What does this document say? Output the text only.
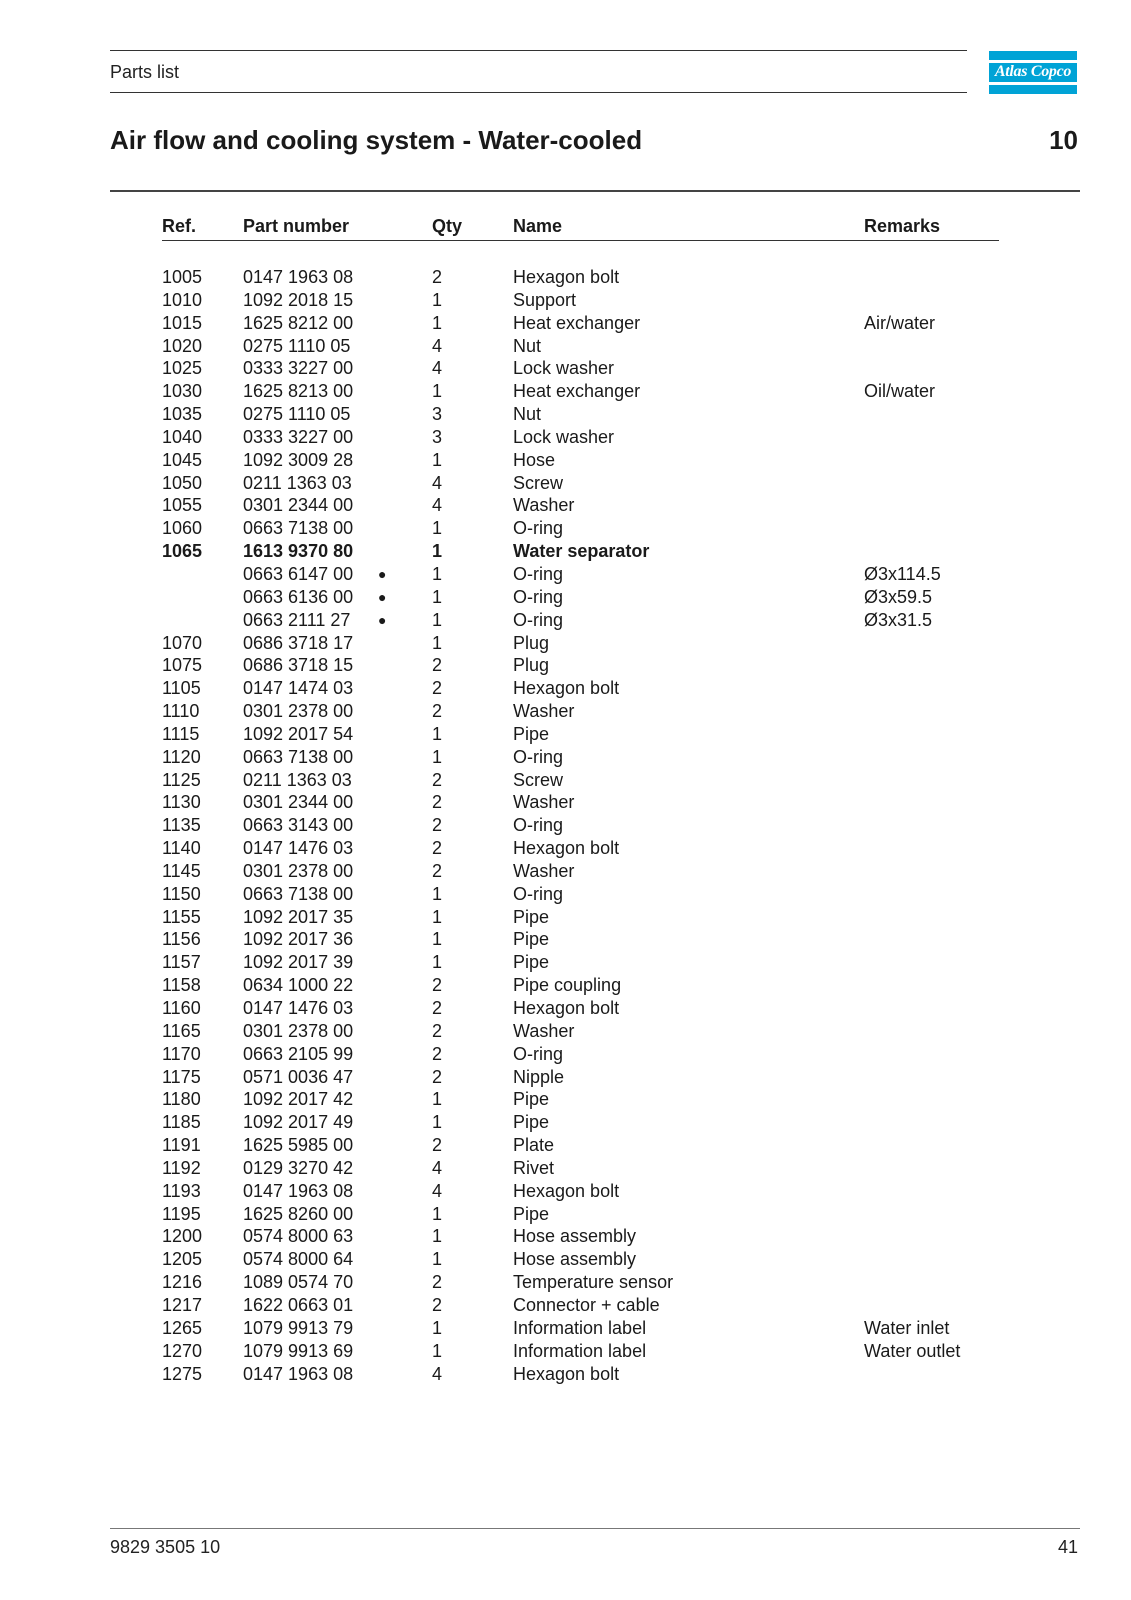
Parts list	Atlas Copco
Air flow and cooling system - Water-cooled	10
Ref.	Part number	Qty	Name	Remarks
1005 0147 1963 08	2	Hexagon bolt
1010 1092 2018 15	1	Support
1015 1625 8212 00	1	Heat exchanger	Air/water
1020 0275 1110 05	4	Nut
1025 0333 3227 00	4	Lock washer
1030 1625 8213 00	1	Heat exchanger	Oil/water
1035 0275 1110 05	3	Nut
1040 0333 3227 00	3	Lock washer
1045 1092 3009 28	1	Hose
1050 0211 1363 03	4	Screw
1055 0301 2344 00	4	Washer
1060 0663 7138 00	1	O-ring
1065 1613 9370 80	1	Water separator
0663 6147 00 ●	1	O-ring	Ø3x114.5
0663 6136 00 ●	1	O-ring	Ø3x59.5
0663 2111 27 ●	1	O-ring	Ø3x31.5
1070 0686 3718 17	1	Plug
1075 0686 3718 15	2	Plug
1105 0147 1474 03	2	Hexagon bolt
1110 0301 2378 00	2	Washer
1115 1092 2017 54	1	Pipe
1120 0663 7138 00	1	O-ring
1125 0211 1363 03	2	Screw
1130 0301 2344 00	2	Washer
1135 0663 3143 00	2	O-ring
1140 0147 1476 03	2	Hexagon bolt
1145 0301 2378 00	2	Washer
1150 0663 7138 00	1	O-ring
1155 1092 2017 35	1	Pipe
1156 1092 2017 36	1	Pipe
1157 1092 2017 39	1	Pipe
1158 0634 1000 22	2	Pipe coupling
1160 0147 1476 03	2	Hexagon bolt
1165 0301 2378 00	2	Washer
1170 0663 2105 99	2	O-ring
1175 0571 0036 47	2	Nipple
1180 1092 2017 42	1	Pipe
1185 1092 2017 49	1	Pipe
1191 1625 5985 00	2	Plate
1192 0129 3270 42	4	Rivet
1193 0147 1963 08	4	Hexagon bolt
1195 1625 8260 00	1	Pipe
1200 0574 8000 63	1	Hose assembly
1205 0574 8000 64	1	Hose assembly
1216 1089 0574 70	2	Temperature sensor
1217 1622 0663 01	2	Connector + cable
1265 1079 9913 79	1	Information label	Water inlet
1270 1079 9913 69	1	Information label	Water outlet
1275 0147 1963 08	4	Hexagon bolt
9829 3505 10	41
